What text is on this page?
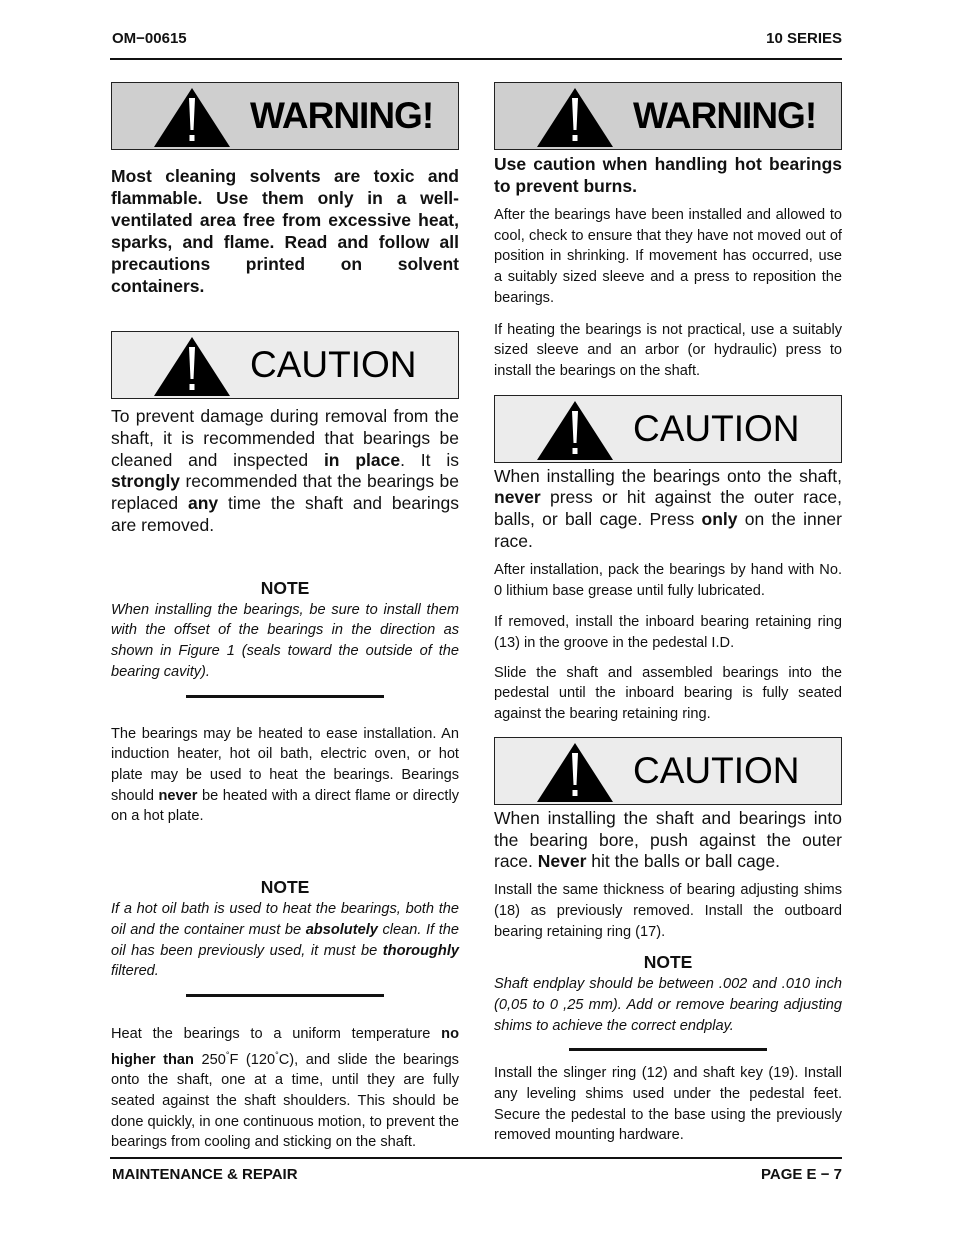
OM−00615	10 SERIES
WARNING!

Most cleaning solvents are toxic and flammable. Use them only in a well-ventilated area free from excessive heat, sparks, and flame. Read and follow all precautions printed on solvent containers.

CAUTION

To prevent damage during removal from the shaft, it is recommended that bearings be cleaned and inspected in place. It is strongly recommended that the bearings be replaced any time the shaft and bearings are removed.

NOTE

When installing the bearings, be sure to install them with the offset of the bearings in the direction as shown in Figure 1 (seals toward the outside of the bearing cavity).

The bearings may be heated to ease installation. An induction heater, hot oil bath, electric oven, or hot plate may be used to heat the bearings. Bearings should never be heated with a direct flame or directly on a hot plate.

NOTE

If a hot oil bath is used to heat the bearings, both the oil and the container must be absolutely clean. If the oil has been previously used, it must be thoroughly filtered.

Heat the bearings to a uniform temperature no higher than 250°F (120°C), and slide the bearings onto the shaft, one at a time, until they are fully seated against the shaft shoulders. This should be done quickly, in one continuous motion, to prevent the bearings from cooling and sticking on the shaft.

WARNING!

Use caution when handling hot bearings to prevent burns.

After the bearings have been installed and allowed to cool, check to ensure that they have not moved out of position in shrinking. If movement has occurred, use a suitably sized sleeve and a press to reposition the bearings.

If heating the bearings is not practical, use a suitably sized sleeve and an arbor (or hydraulic) press to install the bearings on the shaft.

CAUTION

When installing the bearings onto the shaft, never press or hit against the outer race, balls, or ball cage. Press only on the inner race.

After installation, pack the bearings by hand with No. 0 lithium base grease until fully lubricated.

If removed, install the inboard bearing retaining ring (13) in the groove in the pedestal I.D.

Slide the shaft and assembled bearings into the pedestal until the inboard bearing is fully seated against the bearing retaining ring.

CAUTION

When installing the shaft and bearings into the bearing bore, push against the outer race. Never hit the balls or ball cage.

Install the same thickness of bearing adjusting shims (18) as previously removed. Install the outboard bearing retaining ring (17).

NOTE

Shaft endplay should be between .002 and .010 inch (0,05 to 0 ,25 mm). Add or remove bearing adjusting shims to achieve the correct endplay.

Install the slinger ring (12) and shaft key (19). Install any leveling shims used under the pedestal feet. Secure the pedestal to the base using the previously removed mounting hardware.

MAINTENANCE & REPAIR	PAGE E − 7
